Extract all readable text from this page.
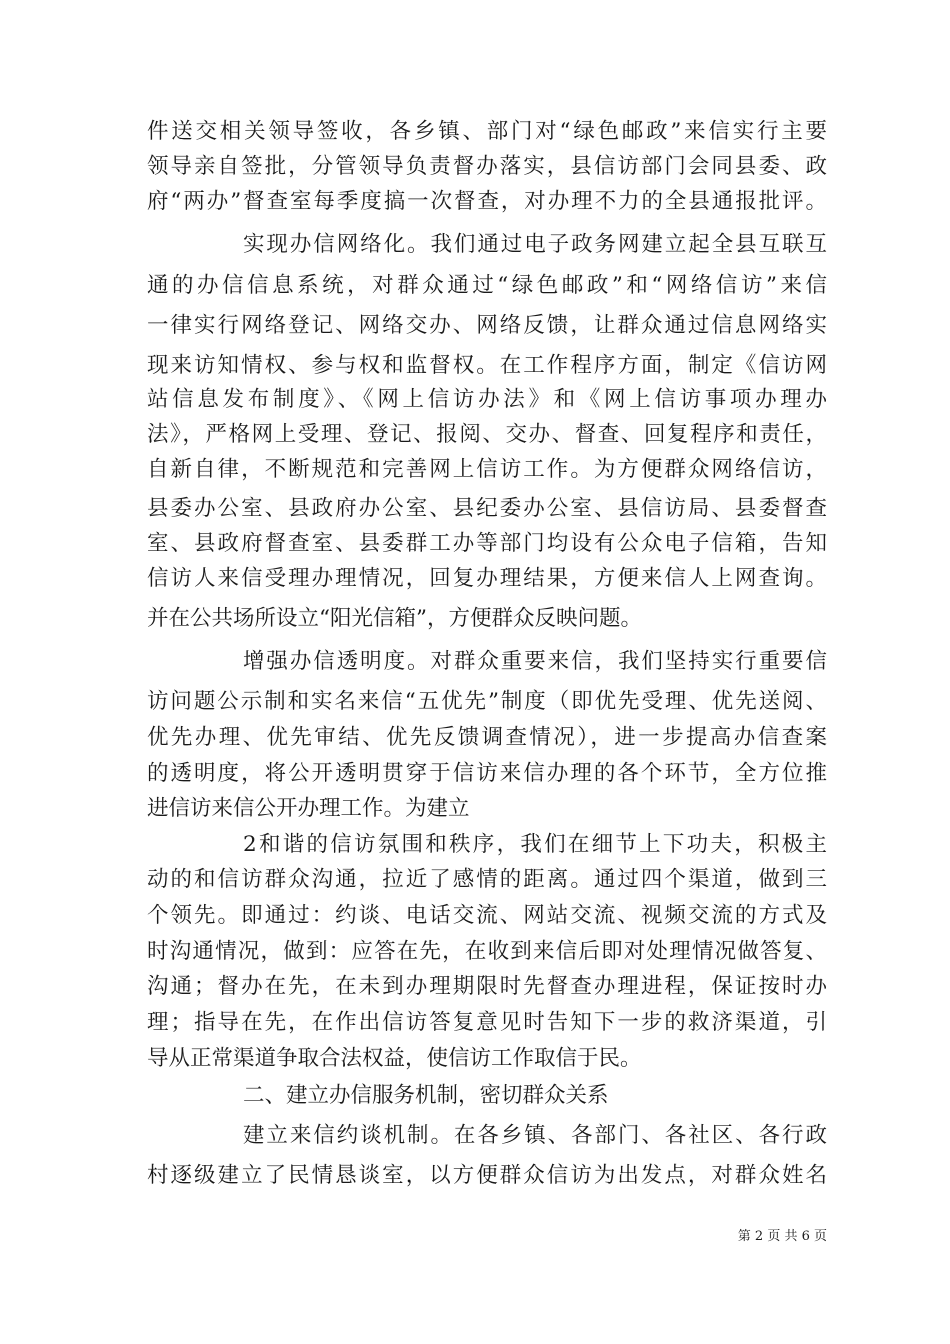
件送交相关领导签收，各乡镇、部门对“绿色邮政”来信实行主要
领导亲自签批，分管领导负责督办落实，县信访部门会同县委、政
府“两办”督查室每季度搞一次督查，对办理不力的全县通报批评。
实现办信网络化。我们通过电子政务网建立起全县互联互
通的办信信息系统，对群众通过“绿色邮政”和“网络信访”来信
一律实行网络登记、网络交办、网络反馈，让群众通过信息网络实
现来访知情权、参与权和监督权。在工作程序方面，制定《信访网
站信息发布制度》、《网上信访办法》和《网上信访事项办理办
法》，严格网上受理、登记、报阅、交办、督查、回复程序和责任，
自新自律，不断规范和完善网上信访工作。为方便群众网络信访，
县委办公室、县政府办公室、县纪委办公室、县信访局、县委督查
室、县政府督查室、县委群工办等部门均设有公众电子信箱，告知
信访人来信受理办理情况，回复办理结果，方便来信人上网查询。
并在公共场所设立“阳光信箱”，方便群众反映问题。
增强办信透明度。对群众重要来信，我们坚持实行重要信
访问题公示制和实名来信“五优先”制度（即优先受理、优先送阅、
优先办理、优先审结、优先反馈调查情况），进一步提高办信查案
的透明度，将公开透明贯穿于信访来信办理的各个环节，全方位推
进信访来信公开办理工作。为建立
2和谐的信访氛围和秩序，我们在细节上下功夫，积极主
动的和信访群众沟通，拉近了感情的距离。通过四个渠道，做到三
个领先。即通过：约谈、电话交流、网站交流、视频交流的方式及
时沟通情况，做到：应答在先，在收到来信后即对处理情况做答复、
沟通；督办在先，在未到办理期限时先督查办理进程，保证按时办
理；指导在先，在作出信访答复意见时告知下一步的救济渠道，引
导从正常渠道争取合法权益，使信访工作取信于民。
二、建立办信服务机制，密切群众关系
建立来信约谈机制。在各乡镇、各部门、各社区、各行政
村逐级建立了民情恳谈室，以方便群众信访为出发点，对群众姓名
第 2 页 共 6 页
